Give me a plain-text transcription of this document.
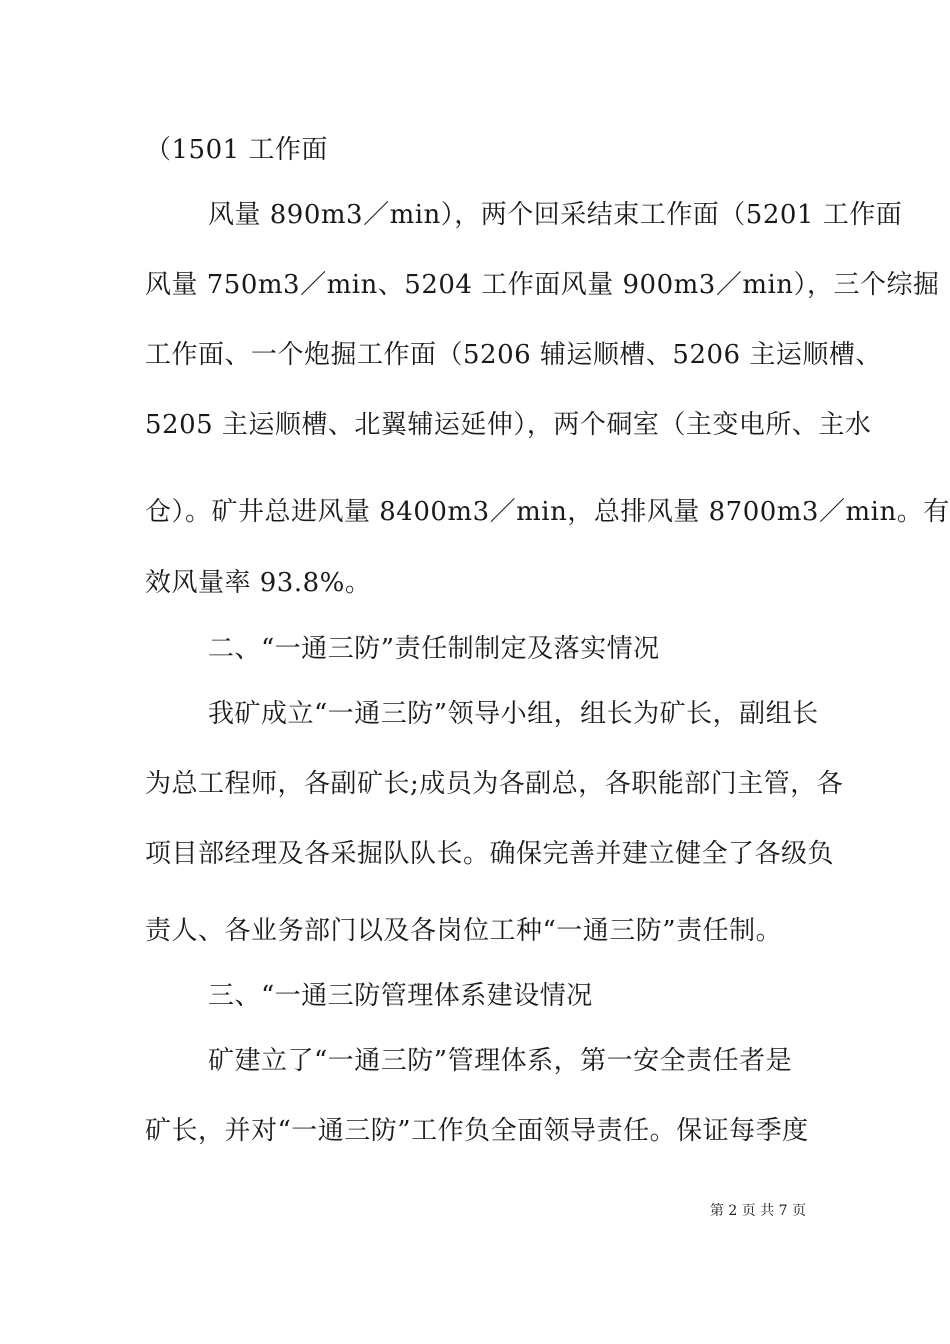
（1501 工作面
风量 890m3／min），两个回采结束工作面（5201 工作面
风量 750m3／min、5204 工作面风量 900m3／min），三个综掘
工作面、一个炮掘工作面（5206 辅运顺槽、5206 主运顺槽、
5205 主运顺槽、北翼辅运延伸），两个硐室（主变电所、主水
仓）。矿井总进风量 8400m3／min，总排风量 8700m3／min。有
效风量率 93.8%。
二、“一通三防”责任制制定及落实情况
我矿成立“一通三防”领导小组，组长为矿长，副组长
为总工程师，各副矿长;成员为各副总，各职能部门主管，各
项目部经理及各采掘队队长。确保完善并建立健全了各级负
责人、各业务部门以及各岗位工种“一通三防”责任制。
三、“一通三防管理体系建设情况
矿建立了“一通三防”管理体系，第一安全责任者是
矿长，并对“一通三防”工作负全面领导责任。保证每季度
第 2 页 共 7 页
